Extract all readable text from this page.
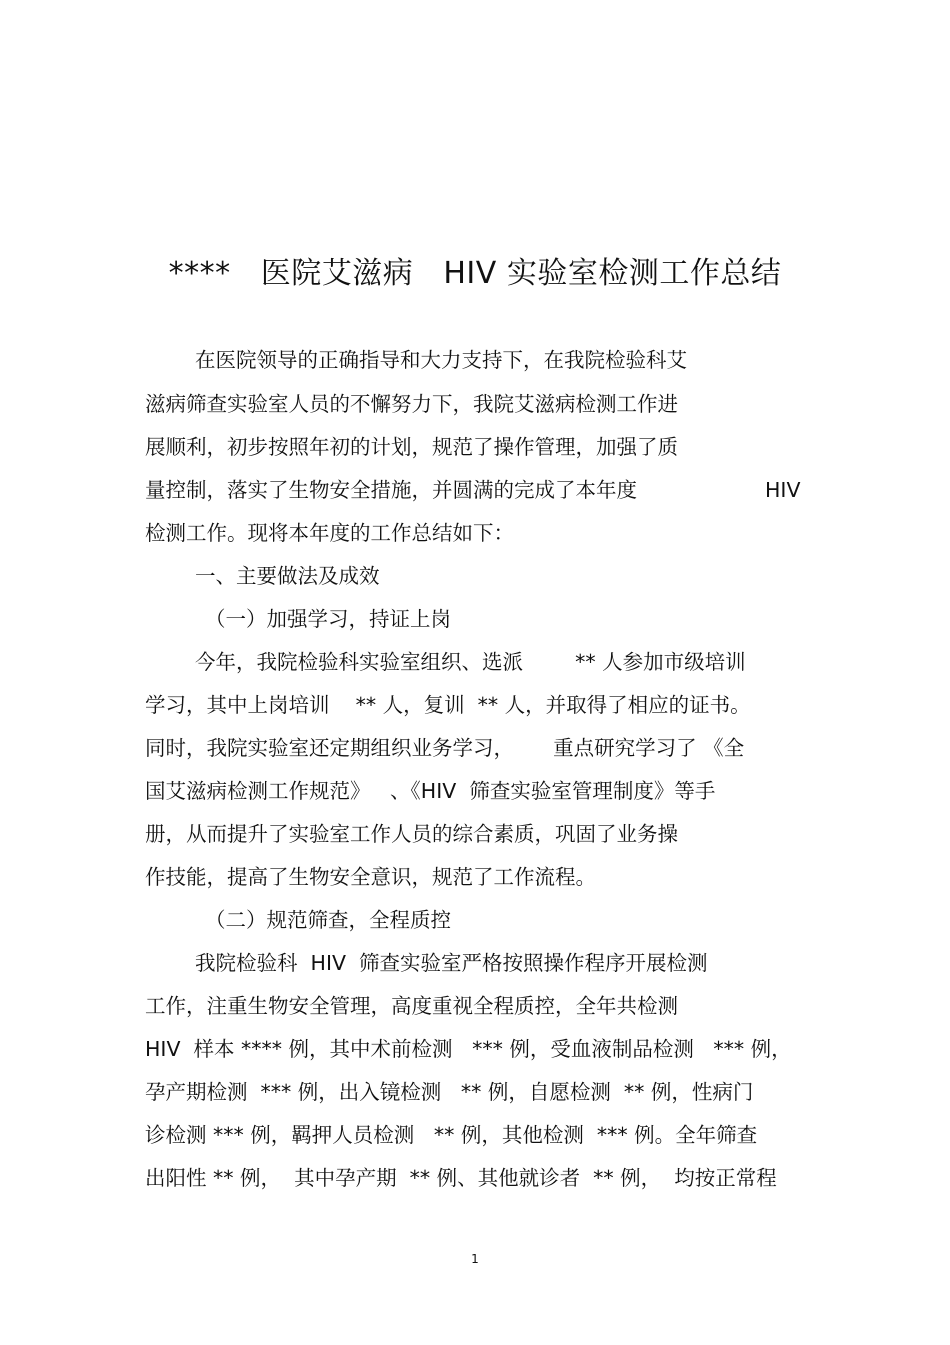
****   医院艾滋病   HIV 实验室检测工作总结
在医院领导的正确指导和大力支持下，在我院检验科艾
滋病筛查实验室人员的不懈努力下，我院艾滋病检测工作进
展顺利，初步按照年初的计划，规范了操作管理，加强了质
量控制，落实了生物安全措施，并圆满的完成了本年度	HIV
检测工作。现将本年度的工作总结如下：
一、主要做法及成效
（一）加强学习，持证上岗
今年，我院检验科实验室组织、选派        ** 人参加市级培训
学习，其中上岗培训    ** 人，复训  ** 人，并取得了相应的证书。
同时，我院实验室还定期组织业务学习，      重点研究学习了 《全
国艾滋病检测工作规范》   、《HIV  筛查实验室管理制度》等手
册，从而提升了实验室工作人员的综合素质，巩固了业务操
作技能，提高了生物安全意识，规范了工作流程。
（二）规范筛查，全程质控
我院检验科  HIV  筛查实验室严格按照操作程序开展检测
工作，注重生物安全管理，高度重视全程质控，全年共检测
HIV  样本 **** 例，其中术前检测   *** 例，受血液制品检测   *** 例，
孕产期检测  *** 例，出入镜检测   ** 例，自愿检测  ** 例，性病门
诊检测 *** 例，羁押人员检测   ** 例，其他检测  *** 例。全年筛查
出阳性 ** 例，  其中孕产期  ** 例、其他就诊者  ** 例，  均按正常程
1
